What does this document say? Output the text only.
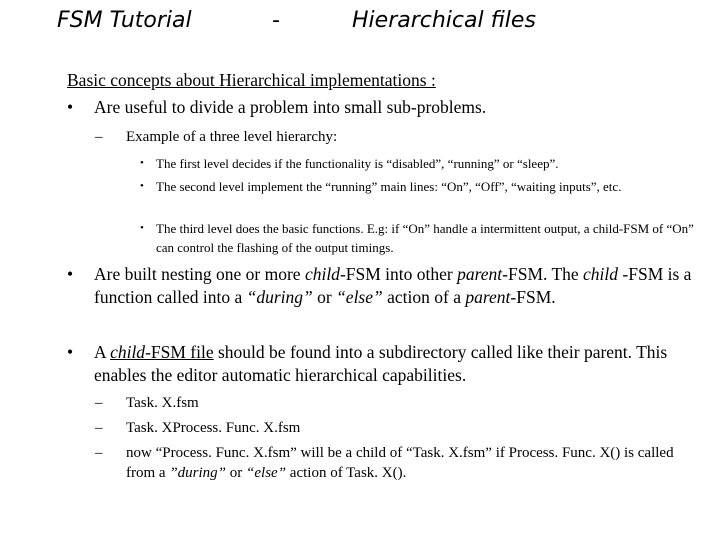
FSM Tutorial	-	Hierarchical files
Basic concepts about Hierarchical implementations :
• Are useful to divide a problem into small sub-problems.
– Example of a three level hierarchy:
• The first level decides if the functionality is “disabled”, “running” or “sleep”.
• The second level implement the “running” main lines: “On”, “Off”, “waiting inputs”, etc.
• The third level does the basic functions. E.g: if “On” handle a intermittent output, a child-FSM of “On” can control the flashing of the output timings.
• Are built nesting one or more child-FSM into other parent-FSM. The child -FSM is a function called into a “during” or “else” action of a parent-FSM.
• A child-FSM file should be found into a subdirectory called like their parent. This enables the editor automatic hierarchical capabilities.
– Task. X.fsm
– Task. XProcess. Func. X.fsm
– now “Process. Func. X.fsm” will be a child of “Task. X.fsm” if Process. Func. X() is called from a ”during” or “else” action of Task. X().
